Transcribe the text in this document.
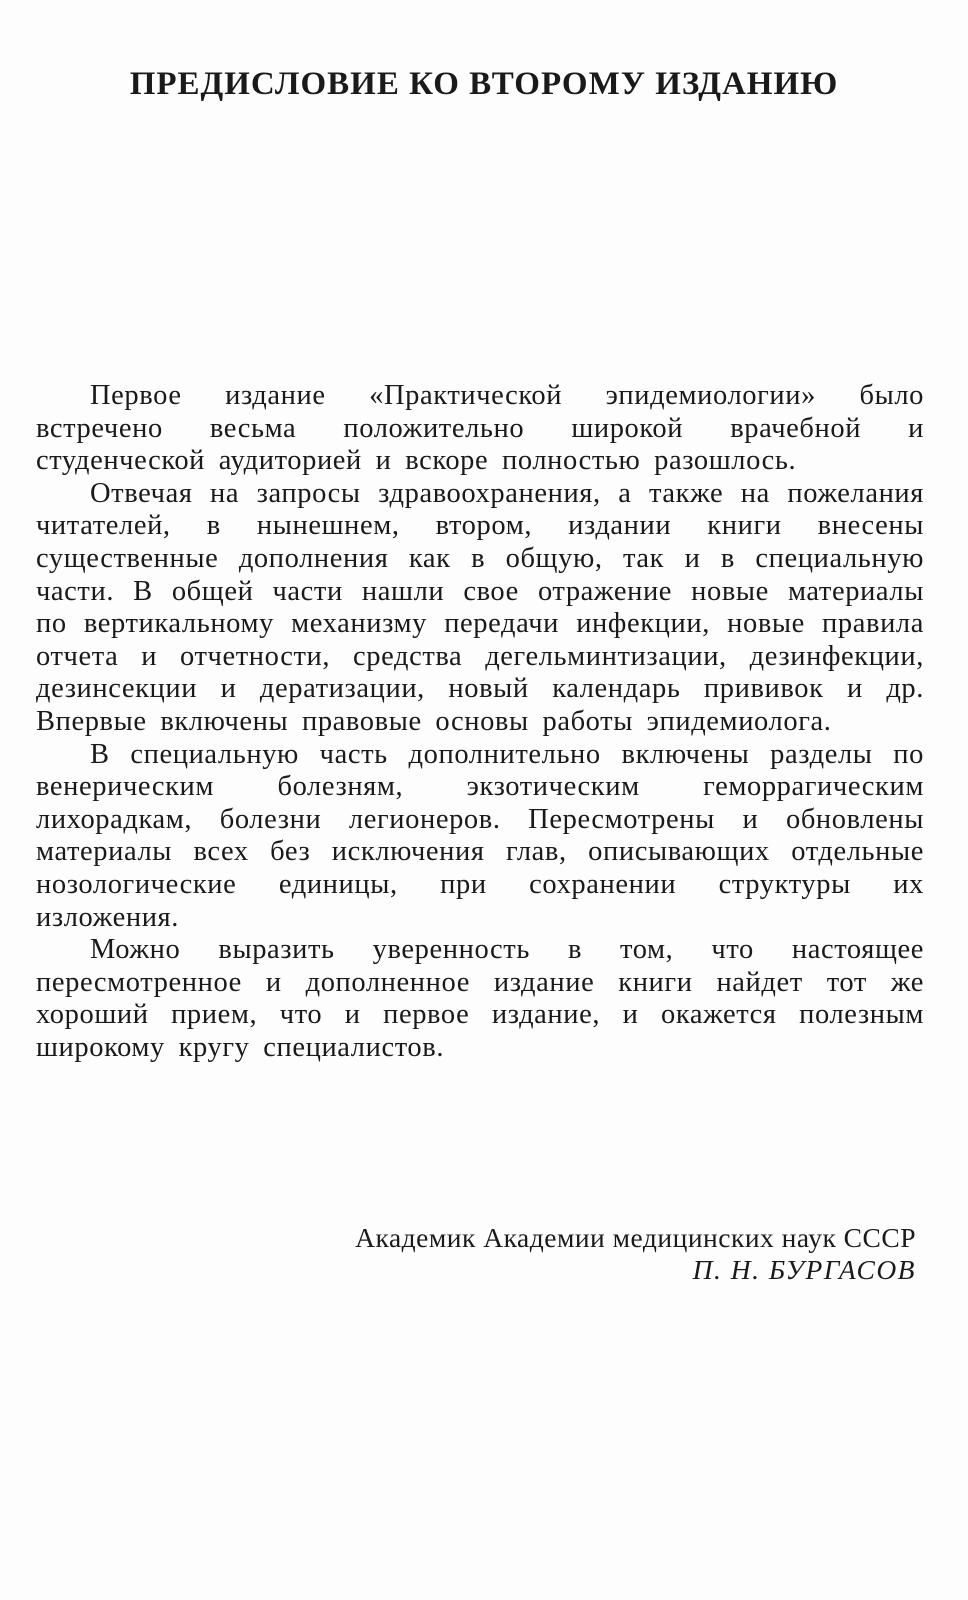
ПРЕДИСЛОВИЕ КО ВТОРОМУ ИЗДАНИЮ

Первое издание «Практической эпидемиологии» было встречено весьма положительно широкой врачебной и студенческой аудиторией и вскоре полностью разошлось.

Отвечая на запросы здравоохранения, а также на пожелания читателей, в нынешнем, втором, издании книги внесены существенные дополнения как в общую, так и в специальную части. В общей части нашли свое отражение новые материалы по вертикальному механизму передачи инфекции, новые правила отчета и отчетности, средства дегельминтизации, дезинфекции, дезинсекции и дератизации, новый календарь прививок и др. Впервые включены правовые основы работы эпидемиолога.

В специальную часть дополнительно включены разделы по венерическим болезням, экзотическим геморрагическим лихорадкам, болезни легионеров. Пересмотрены и обновлены материалы всех без исключения глав, описывающих отдельные нозологические единицы, при сохранении структуры их изложения.

Можно выразить уверенность в том, что настоящее пересмотренное и дополненное издание книги найдет тот же хороший прием, что и первое издание, и окажется полезным широкому кругу специалистов.

Академик Академии медицинских наук СССР
П. Н. БУРГАСОВ
